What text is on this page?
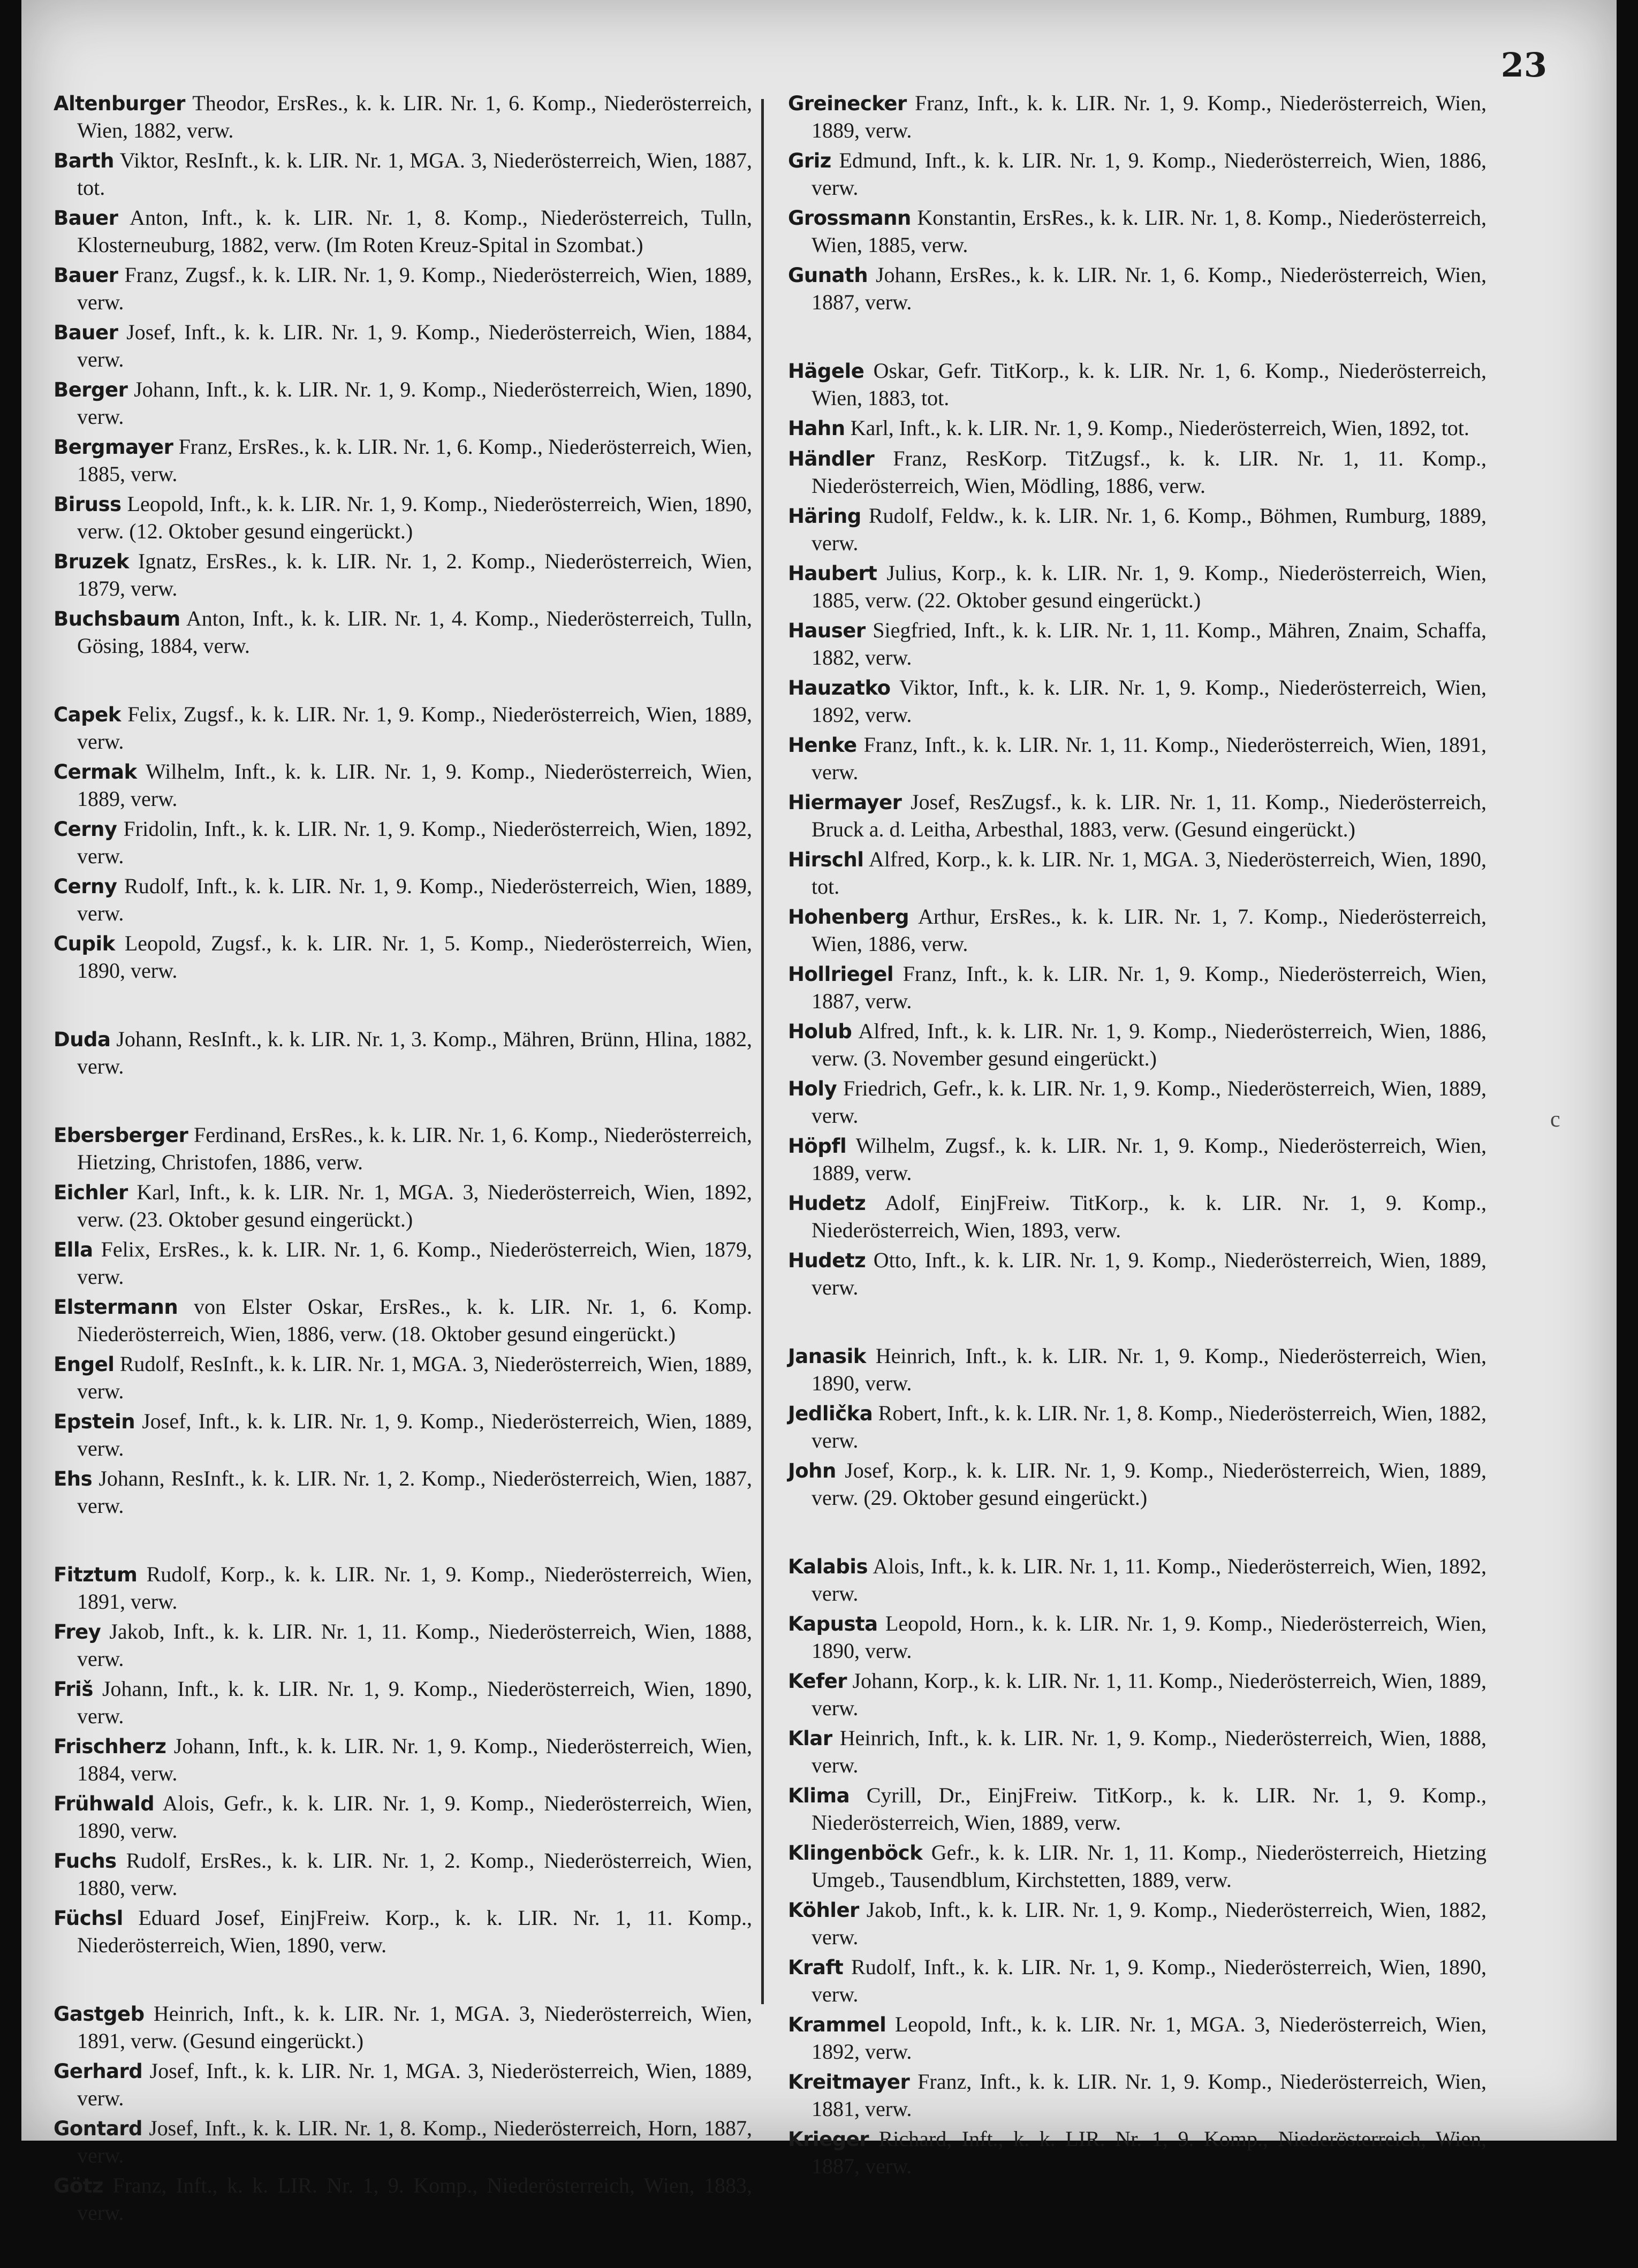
23

Altenburger Theodor, ErsRes., k. k. LIR. Nr. 1, 6. Komp., Niederösterreich, Wien, 1882, verw.

Barth Viktor, ResInft., k. k. LIR. Nr. 1, MGA. 3, Niederösterreich, Wien, 1887, tot.

Bauer Anton, Inft., k. k. LIR. Nr. 1, 8. Komp., Niederösterreich, Tulln, Klosterneuburg, 1882, verw. (Im Roten Kreuz-Spital in Szombat.)

Bauer Franz, Zugsf., k. k. LIR. Nr. 1, 9. Komp., Niederösterreich, Wien, 1889, verw.

Bauer Josef, Inft., k. k. LIR. Nr. 1, 9. Komp., Niederösterreich, Wien, 1884, verw.

Berger Johann, Inft., k. k. LIR. Nr. 1, 9. Komp., Niederösterreich, Wien, 1890, verw.

Bergmayer Franz, ErsRes., k. k. LIR. Nr. 1, 6. Komp., Niederösterreich, Wien, 1885, verw.

Biruss Leopold, Inft., k. k. LIR. Nr. 1, 9. Komp., Niederösterreich, Wien, 1890, verw. (12. Oktober gesund eingerückt.)

Bruzek Ignatz, ErsRes., k. k. LIR. Nr. 1, 2. Komp., Niederösterreich, Wien, 1879, verw.

Buchsbaum Anton, Inft., k. k. LIR. Nr. 1, 4. Komp., Niederösterreich, Tulln, Gösing, 1884, verw.

Capek Felix, Zugsf., k. k. LIR. Nr. 1, 9. Komp., Niederösterreich, Wien, 1889, verw.

Cermak Wilhelm, Inft., k. k. LIR. Nr. 1, 9. Komp., Niederösterreich, Wien, 1889, verw.

Cerny Fridolin, Inft., k. k. LIR. Nr. 1, 9. Komp., Niederösterreich, Wien, 1892, verw.

Cerny Rudolf, Inft., k. k. LIR. Nr. 1, 9. Komp., Niederösterreich, Wien, 1889, verw.

Cupik Leopold, Zugsf., k. k. LIR. Nr. 1, 5. Komp., Niederösterreich, Wien, 1890, verw.

Duda Johann, ResInft., k. k. LIR. Nr. 1, 3. Komp., Mähren, Brünn, Hlina, 1882, verw.

Ebersberger Ferdinand, ErsRes., k. k. LIR. Nr. 1, 6. Komp., Niederösterreich, Hietzing, Christofen, 1886, verw.

Eichler Karl, Inft., k. k. LIR. Nr. 1, MGA. 3, Niederösterreich, Wien, 1892, verw. (23. Oktober gesund eingerückt.)

Ella Felix, ErsRes., k. k. LIR. Nr. 1, 6. Komp., Niederösterreich, Wien, 1879, verw.

Elstermann von Elster Oskar, ErsRes., k. k. LIR. Nr. 1, 6. Komp. Niederösterreich, Wien, 1886, verw. (18. Oktober gesund eingerückt.)

Engel Rudolf, ResInft., k. k. LIR. Nr. 1, MGA. 3, Niederösterreich, Wien, 1889, verw.

Epstein Josef, Inft., k. k. LIR. Nr. 1, 9. Komp., Niederösterreich, Wien, 1889, verw.

Ehs Johann, ResInft., k. k. LIR. Nr. 1, 2. Komp., Niederösterreich, Wien, 1887, verw.

Fitztum Rudolf, Korp., k. k. LIR. Nr. 1, 9. Komp., Niederösterreich, Wien, 1891, verw.

Frey Jakob, Inft., k. k. LIR. Nr. 1, 11. Komp., Niederösterreich, Wien, 1888, verw.

Friš Johann, Inft., k. k. LIR. Nr. 1, 9. Komp., Niederösterreich, Wien, 1890, verw.

Frischherz Johann, Inft., k. k. LIR. Nr. 1, 9. Komp., Niederösterreich, Wien, 1884, verw.

Frühwald Alois, Gefr., k. k. LIR. Nr. 1, 9. Komp., Niederösterreich, Wien, 1890, verw.

Fuchs Rudolf, ErsRes., k. k. LIR. Nr. 1, 2. Komp., Niederösterreich, Wien, 1880, verw.

Füchsl Eduard Josef, EinjFreiw. Korp., k. k. LIR. Nr. 1, 11. Komp., Niederösterreich, Wien, 1890, verw.

Gastgeb Heinrich, Inft., k. k. LIR. Nr. 1, MGA. 3, Niederösterreich, Wien, 1891, verw. (Gesund eingerückt.)

Gerhard Josef, Inft., k. k. LIR. Nr. 1, MGA. 3, Niederösterreich, Wien, 1889, verw.

Gontard Josef, Inft., k. k. LIR. Nr. 1, 8. Komp., Niederösterreich, Horn, 1887, verw.

Götz Franz, Inft., k. k. LIR. Nr. 1, 9. Komp., Niederösterreich, Wien, 1883, verw.

Greinecker Franz, Inft., k. k. LIR. Nr. 1, 9. Komp., Niederösterreich, Wien, 1889, verw.

Griz Edmund, Inft., k. k. LIR. Nr. 1, 9. Komp., Niederösterreich, Wien, 1886, verw.

Grossmann Konstantin, ErsRes., k. k. LIR. Nr. 1, 8. Komp., Niederösterreich, Wien, 1885, verw.

Gunath Johann, ErsRes., k. k. LIR. Nr. 1, 6. Komp., Niederösterreich, Wien, 1887, verw.

Hägele Oskar, Gefr. TitKorp., k. k. LIR. Nr. 1, 6. Komp., Niederösterreich, Wien, 1883, tot.

Hahn Karl, Inft., k. k. LIR. Nr. 1, 9. Komp., Niederösterreich, Wien, 1892, tot.

Händler Franz, ResKorp. TitZugsf., k. k. LIR. Nr. 1, 11. Komp., Niederösterreich, Wien, Mödling, 1886, verw.

Häring Rudolf, Feldw., k. k. LIR. Nr. 1, 6. Komp., Böhmen, Rumburg, 1889, verw.

Haubert Julius, Korp., k. k. LIR. Nr. 1, 9. Komp., Niederösterreich, Wien, 1885, verw. (22. Oktober gesund eingerückt.)

Hauser Siegfried, Inft., k. k. LIR. Nr. 1, 11. Komp., Mähren, Znaim, Schaffa, 1882, verw.

Hauzatko Viktor, Inft., k. k. LIR. Nr. 1, 9. Komp., Niederösterreich, Wien, 1892, verw.

Henke Franz, Inft., k. k. LIR. Nr. 1, 11. Komp., Niederösterreich, Wien, 1891, verw.

Hiermayer Josef, ResZugsf., k. k. LIR. Nr. 1, 11. Komp., Niederösterreich, Bruck a. d. Leitha, Arbesthal, 1883, verw. (Gesund eingerückt.)

Hirschl Alfred, Korp., k. k. LIR. Nr. 1, MGA. 3, Niederösterreich, Wien, 1890, tot.

Hohenberg Arthur, ErsRes., k. k. LIR. Nr. 1, 7. Komp., Niederösterreich, Wien, 1886, verw.

Hollriegel Franz, Inft., k. k. LIR. Nr. 1, 9. Komp., Niederösterreich, Wien, 1887, verw.

Holub Alfred, Inft., k. k. LIR. Nr. 1, 9. Komp., Niederösterreich, Wien, 1886, verw. (3. November gesund eingerückt.)

Holy Friedrich, Gefr., k. k. LIR. Nr. 1, 9. Komp., Niederösterreich, Wien, 1889, verw.

Höpfl Wilhelm, Zugsf., k. k. LIR. Nr. 1, 9. Komp., Niederösterreich, Wien, 1889, verw.

Hudetz Adolf, EinjFreiw. TitKorp., k. k. LIR. Nr. 1, 9. Komp., Niederösterreich, Wien, 1893, verw.

Hudetz Otto, Inft., k. k. LIR. Nr. 1, 9. Komp., Niederösterreich, Wien, 1889, verw.

Janasik Heinrich, Inft., k. k. LIR. Nr. 1, 9. Komp., Niederösterreich, Wien, 1890, verw.

Jedlička Robert, Inft., k. k. LIR. Nr. 1, 8. Komp., Niederösterreich, Wien, 1882, verw.

John Josef, Korp., k. k. LIR. Nr. 1, 9. Komp., Niederösterreich, Wien, 1889, verw. (29. Oktober gesund eingerückt.)

Kalabis Alois, Inft., k. k. LIR. Nr. 1, 11. Komp., Niederösterreich, Wien, 1892, verw.

Kapusta Leopold, Horn., k. k. LIR. Nr. 1, 9. Komp., Niederösterreich, Wien, 1890, verw.

Kefer Johann, Korp., k. k. LIR. Nr. 1, 11. Komp., Niederösterreich, Wien, 1889, verw.

Klar Heinrich, Inft., k. k. LIR. Nr. 1, 9. Komp., Niederösterreich, Wien, 1888, verw.

Klima Cyrill, Dr., EinjFreiw. TitKorp., k. k. LIR. Nr. 1, 9. Komp., Niederösterreich, Wien, 1889, verw.

Klingenböck Gefr., k. k. LIR. Nr. 1, 11. Komp., Niederösterreich, Hietzing Umgeb., Tausendblum, Kirchstetten, 1889, verw.

Köhler Jakob, Inft., k. k. LIR. Nr. 1, 9. Komp., Niederösterreich, Wien, 1882, verw.

Kraft Rudolf, Inft., k. k. LIR. Nr. 1, 9. Komp., Niederösterreich, Wien, 1890, verw.

Krammel Leopold, Inft., k. k. LIR. Nr. 1, MGA. 3, Niederösterreich, Wien, 1892, verw.

Kreitmayer Franz, Inft., k. k. LIR. Nr. 1, 9. Komp., Niederösterreich, Wien, 1881, verw.

Krieger Richard, Inft., k. k. LIR. Nr. 1, 9. Komp., Niederösterreich, Wien, 1887, verw.

c
